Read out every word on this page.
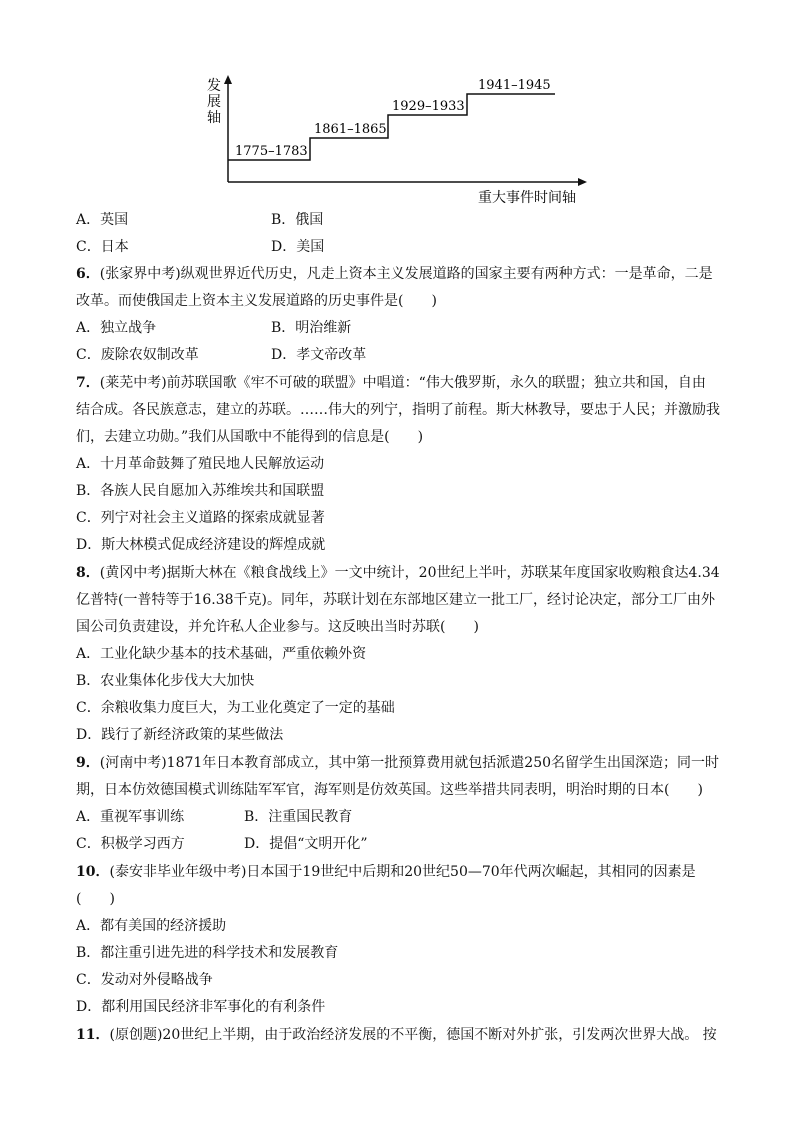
发
展
轴
1775–1783
1861–1865
1929–1933
1941–1945
重大事件时间轴
A．英国	B．俄国
C．日本	D．美国
6．(张家界中考)纵观世界近代历史，凡走上资本主义发展道路的国家主要有两种方式：一是革命，二是
改革。而使俄国走上资本主义发展道路的历史事件是(　　)
A．独立战争	B．明治维新
C．废除农奴制改革	D．孝文帝改革
7．(莱芜中考)前苏联国歌《牢不可破的联盟》中唱道：“伟大俄罗斯，永久的联盟；独立共和国，自由
结合成。各民族意志，建立的苏联。……伟大的列宁，指明了前程。斯大林教导，要忠于人民；并激励我
们，去建立功勋。”我们从国歌中不能得到的信息是(　　)
A．十月革命鼓舞了殖民地人民解放运动
B．各族人民自愿加入苏维埃共和国联盟
C．列宁对社会主义道路的探索成就显著
D．斯大林模式促成经济建设的辉煌成就
8．(黄冈中考)据斯大林在《粮食战线上》一文中统计，20世纪上半叶，苏联某年度国家收购粮食达4.34
亿普特(一普特等于16.38千克)。同年，苏联计划在东部地区建立一批工厂，经讨论决定，部分工厂由外
国公司负责建设，并允许私人企业参与。这反映出当时苏联(　　)
A．工业化缺少基本的技术基础，严重依赖外资
B．农业集体化步伐大大加快
C．余粮收集力度巨大，为工业化奠定了一定的基础
D．践行了新经济政策的某些做法
9．(河南中考)1871年日本教育部成立，其中第一批预算费用就包括派遣250名留学生出国深造；同一时
期，日本仿效德国模式训练陆军军官，海军则是仿效英国。这些举措共同表明，明治时期的日本(　　)
A．重视军事训练	B．注重国民教育
C．积极学习西方	D．提倡“文明开化”
10．(泰安非毕业年级中考)日本国于19世纪中后期和20世纪50—70年代两次崛起，其相同的因素是
(　　)
A．都有美国的经济援助
B．都注重引进先进的科学技术和发展教育
C．发动对外侵略战争
D．都利用国民经济非军事化的有利条件
11．(原创题)20世纪上半期，由于政治经济发展的不平衡，德国不断对外扩张，引发两次世界大战。 按
